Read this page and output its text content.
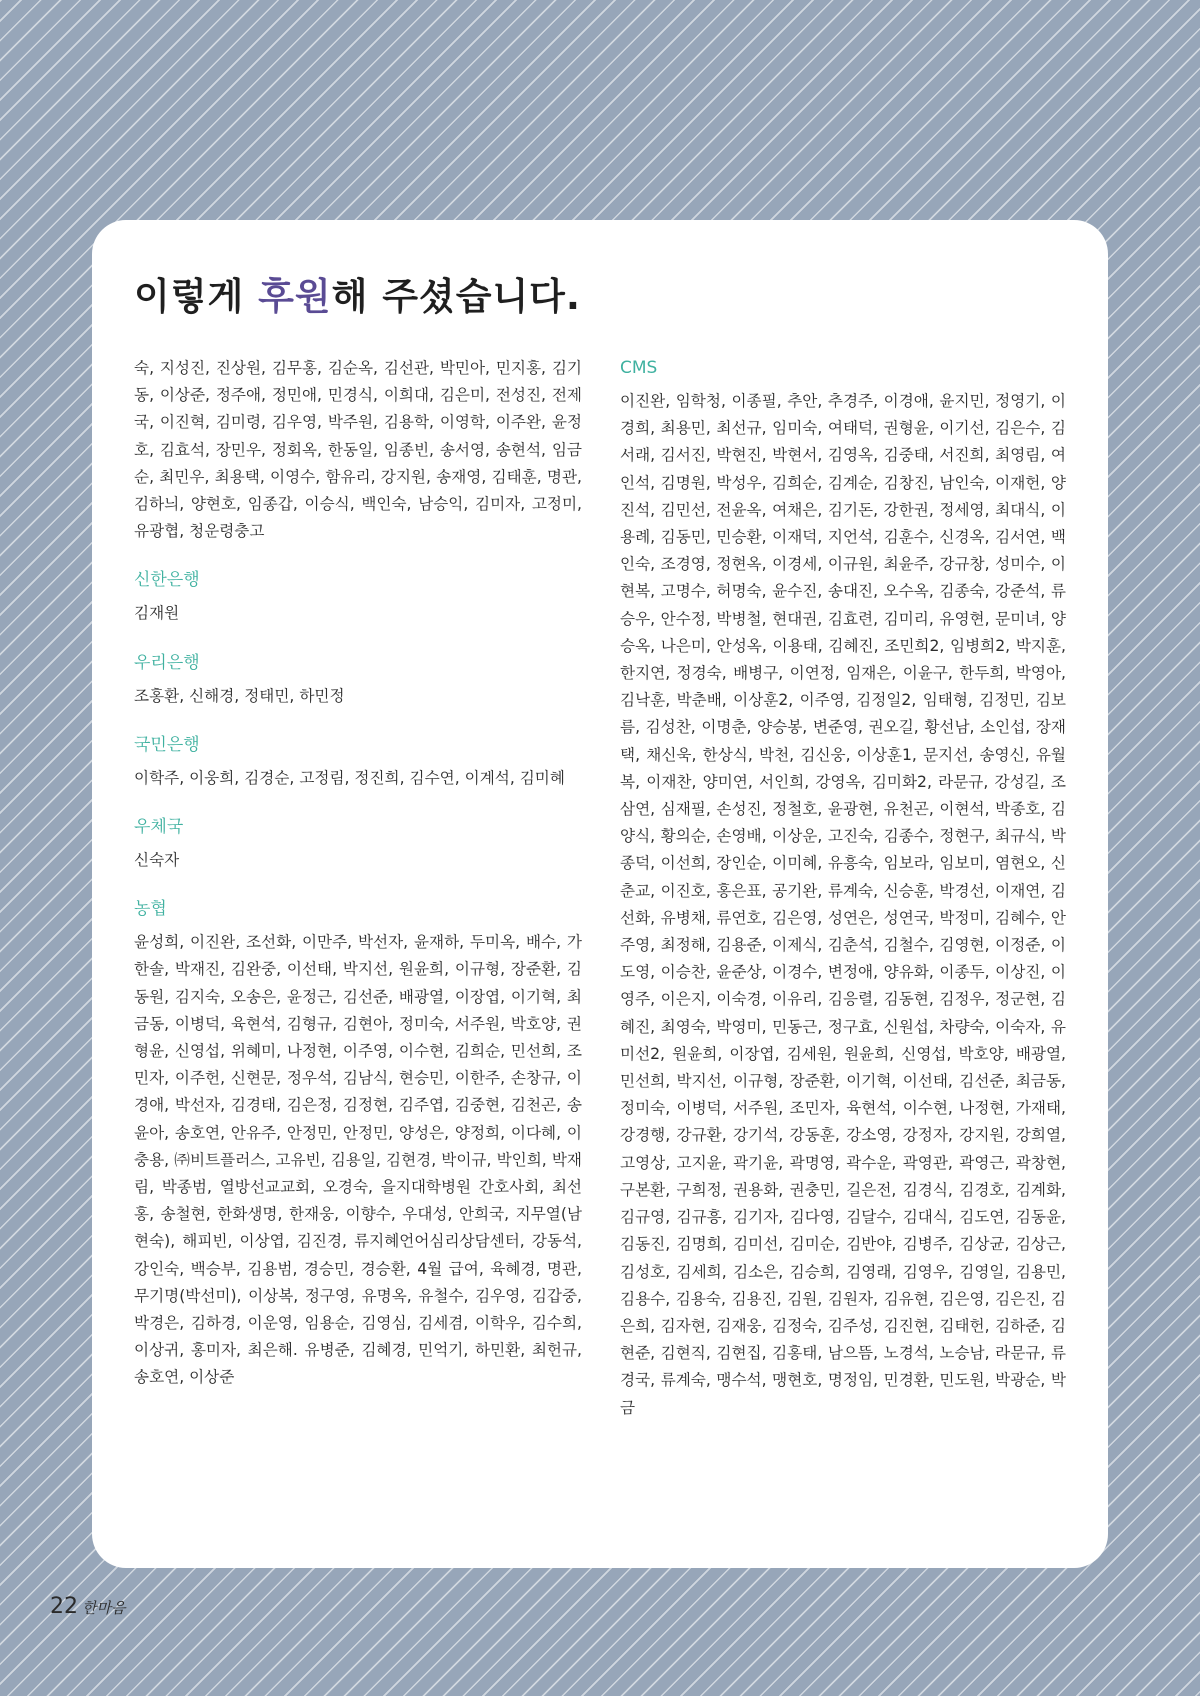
이렇게 후원해 주셨습니다.

숙, 지성진, 진상원, 김무홍, 김순옥, 김선관, 박민아, 민지홍, 김기동, 이상준, 정주애, 정민애, 민경식, 이희대, 김은미, 전성진, 전제국, 이진혁, 김미령, 김우영, 박주원, 김용학, 이영학, 이주완, 윤정호, 김효석, 장민우, 정회옥, 한동일, 임종빈, 송서영, 송현석, 임금순, 최민우, 최용택, 이영수, 함유리, 강지원, 송재영, 김태훈, 명관, 김하늬, 양현호, 임종갑, 이승식, 백인숙, 남승익, 김미자, 고정미, 유광협, 청운령충고

신한은행

김재원

우리은행

조홍환, 신해경, 정태민, 하민정

국민은행

이학주, 이웅희, 김경순, 고정림, 정진희, 김수연, 이계석, 김미혜

우체국

신숙자

농협

윤성희, 이진완, 조선화, 이만주, 박선자, 윤재하, 두미옥, 배수, 가한솔, 박재진, 김완중, 이선태, 박지선, 원윤희, 이규형, 장준환, 김동원, 김지숙, 오송은, 윤정근, 김선준, 배광열, 이장엽, 이기혁, 최금동, 이병덕, 육현석, 김형규, 김현아, 정미숙, 서주원, 박호양, 권형윤, 신영섭, 위혜미, 나정현, 이주영, 이수현, 김희순, 민선희, 조민자, 이주헌, 신현문, 정우석, 김남식, 현승민, 이한주, 손창규, 이경애, 박선자, 김경태, 김은정, 김정현, 김주엽, 김중현, 김천곤, 송윤아, 송호연, 안유주, 안정민, 안정민, 양성은, 양정희, 이다혜, 이충용, ㈜비트플러스, 고유빈, 김용일, 김현경, 박이규, 박인희, 박재림, 박종범, 열방선교교회, 오경숙, 을지대학병원 간호사회, 최선홍, 송철현, 한화생명, 한재웅, 이향수, 우대성, 안희국, 지무열(남현숙), 해피빈, 이상엽, 김진경, 류지혜언어심리상담센터, 강동석, 강인숙, 백승부, 김용범, 경승민, 경승환, 4월 급여, 육혜경, 명관, 무기명(박선미), 이상복, 정구영, 유명옥, 유철수, 김우영, 김갑중, 박경은, 김하경, 이운영, 임용순, 김영심, 김세겸, 이학우, 김수희, 이상귀, 홍미자, 최은해. 유병준, 김혜경, 민억기, 하민환, 최헌규, 송호연, 이상준

CMS

이진완, 임학청, 이종필, 추안, 추경주, 이경애, 윤지민, 정영기, 이경희, 최용민, 최선규, 임미숙, 여태덕, 권형윤, 이기선, 김은수, 김서래, 김서진, 박현진, 박현서, 김영옥, 김중태, 서진희, 최영림, 여인석, 김명원, 박성우, 김희순, 김계순, 김창진, 남인숙, 이재헌, 양진석, 김민선, 전윤옥, 여채은, 김기돈, 강한권, 정세영, 최대식, 이용례, 김동민, 민승환, 이재덕, 지언석, 김훈수, 신경옥, 김서연, 백인숙, 조경영, 정현옥, 이경세, 이규원, 최윤주, 강규창, 성미수, 이현복, 고명수, 허명숙, 윤수진, 송대진, 오수옥, 김종숙, 강준석, 류승우, 안수정, 박병철, 현대권, 김효련, 김미리, 유영현, 문미녀, 양승옥, 나은미, 안성옥, 이용태, 김혜진, 조민희2, 임병희2, 박지훈, 한지연, 정경숙, 배병구, 이연정, 임재은, 이윤구, 한두희, 박영아, 김낙훈, 박춘배, 이상훈2, 이주영, 김정일2, 임태형, 김정민, 김보름, 김성찬, 이명춘, 양승봉, 변준영, 권오길, 황선남, 소인섭, 장재택, 채신욱, 한상식, 박천, 김신웅, 이상훈1, 문지선, 송영신, 유월복, 이재찬, 양미연, 서인희, 강영옥, 김미화2, 라문규, 강성길, 조삼연, 심재필, 손성진, 정철호, 윤광현, 유천곤, 이현석, 박종호, 김양식, 황의순, 손영배, 이상운, 고진숙, 김종수, 정현구, 최규식, 박종덕, 이선희, 장인순, 이미혜, 유흥숙, 임보라, 임보미, 염현오, 신춘교, 이진호, 홍은표, 공기완, 류계숙, 신승훈, 박경선, 이재연, 김선화, 유병채, 류연호, 김은영, 성연은, 성연국, 박정미, 김혜수, 안주영, 최정해, 김용준, 이제식, 김춘석, 김철수, 김영현, 이정준, 이도영, 이승찬, 윤준상, 이경수, 변정애, 양유화, 이종두, 이상진, 이영주, 이은지, 이숙경, 이유리, 김응렬, 김동현, 김정우, 정군현, 김혜진, 최영숙, 박영미, 민동근, 정구효, 신원섭, 차량숙, 이숙자, 유미선2, 원윤희, 이장엽, 김세원, 원윤희, 신영섭, 박호양, 배광열, 민선희, 박지선, 이규형, 장준환, 이기혁, 이선태, 김선준, 최금동, 정미숙, 이병덕, 서주원, 조민자, 육현석, 이수현, 나정현, 가재태, 강경행, 강규환, 강기석, 강동훈, 강소영, 강정자, 강지원, 강희열, 고영상, 고지윤, 곽기윤, 곽명영, 곽수운, 곽영관, 곽영근, 곽창현, 구본환, 구희정, 권용화, 권충민, 길은전, 김경식, 김경호, 김계화, 김규영, 김규흥, 김기자, 김다영, 김달수, 김대식, 김도연, 김동윤, 김동진, 김명희, 김미선, 김미순, 김반야, 김병주, 김상균, 김상근, 김성호, 김세희, 김소은, 김승희, 김영래, 김영우, 김영일, 김용민, 김용수, 김용숙, 김용진, 김원, 김원자, 김유현, 김은영, 김은진, 김은희, 김자현, 김재웅, 김정숙, 김주성, 김진현, 김태헌, 김하준, 김현준, 김현직, 김현집, 김홍태, 남으뜸, 노경석, 노승남, 라문규, 류경국, 류계숙, 맹수석, 맹현호, 명정임, 민경환, 민도원, 박광순, 박금

22 한마음
